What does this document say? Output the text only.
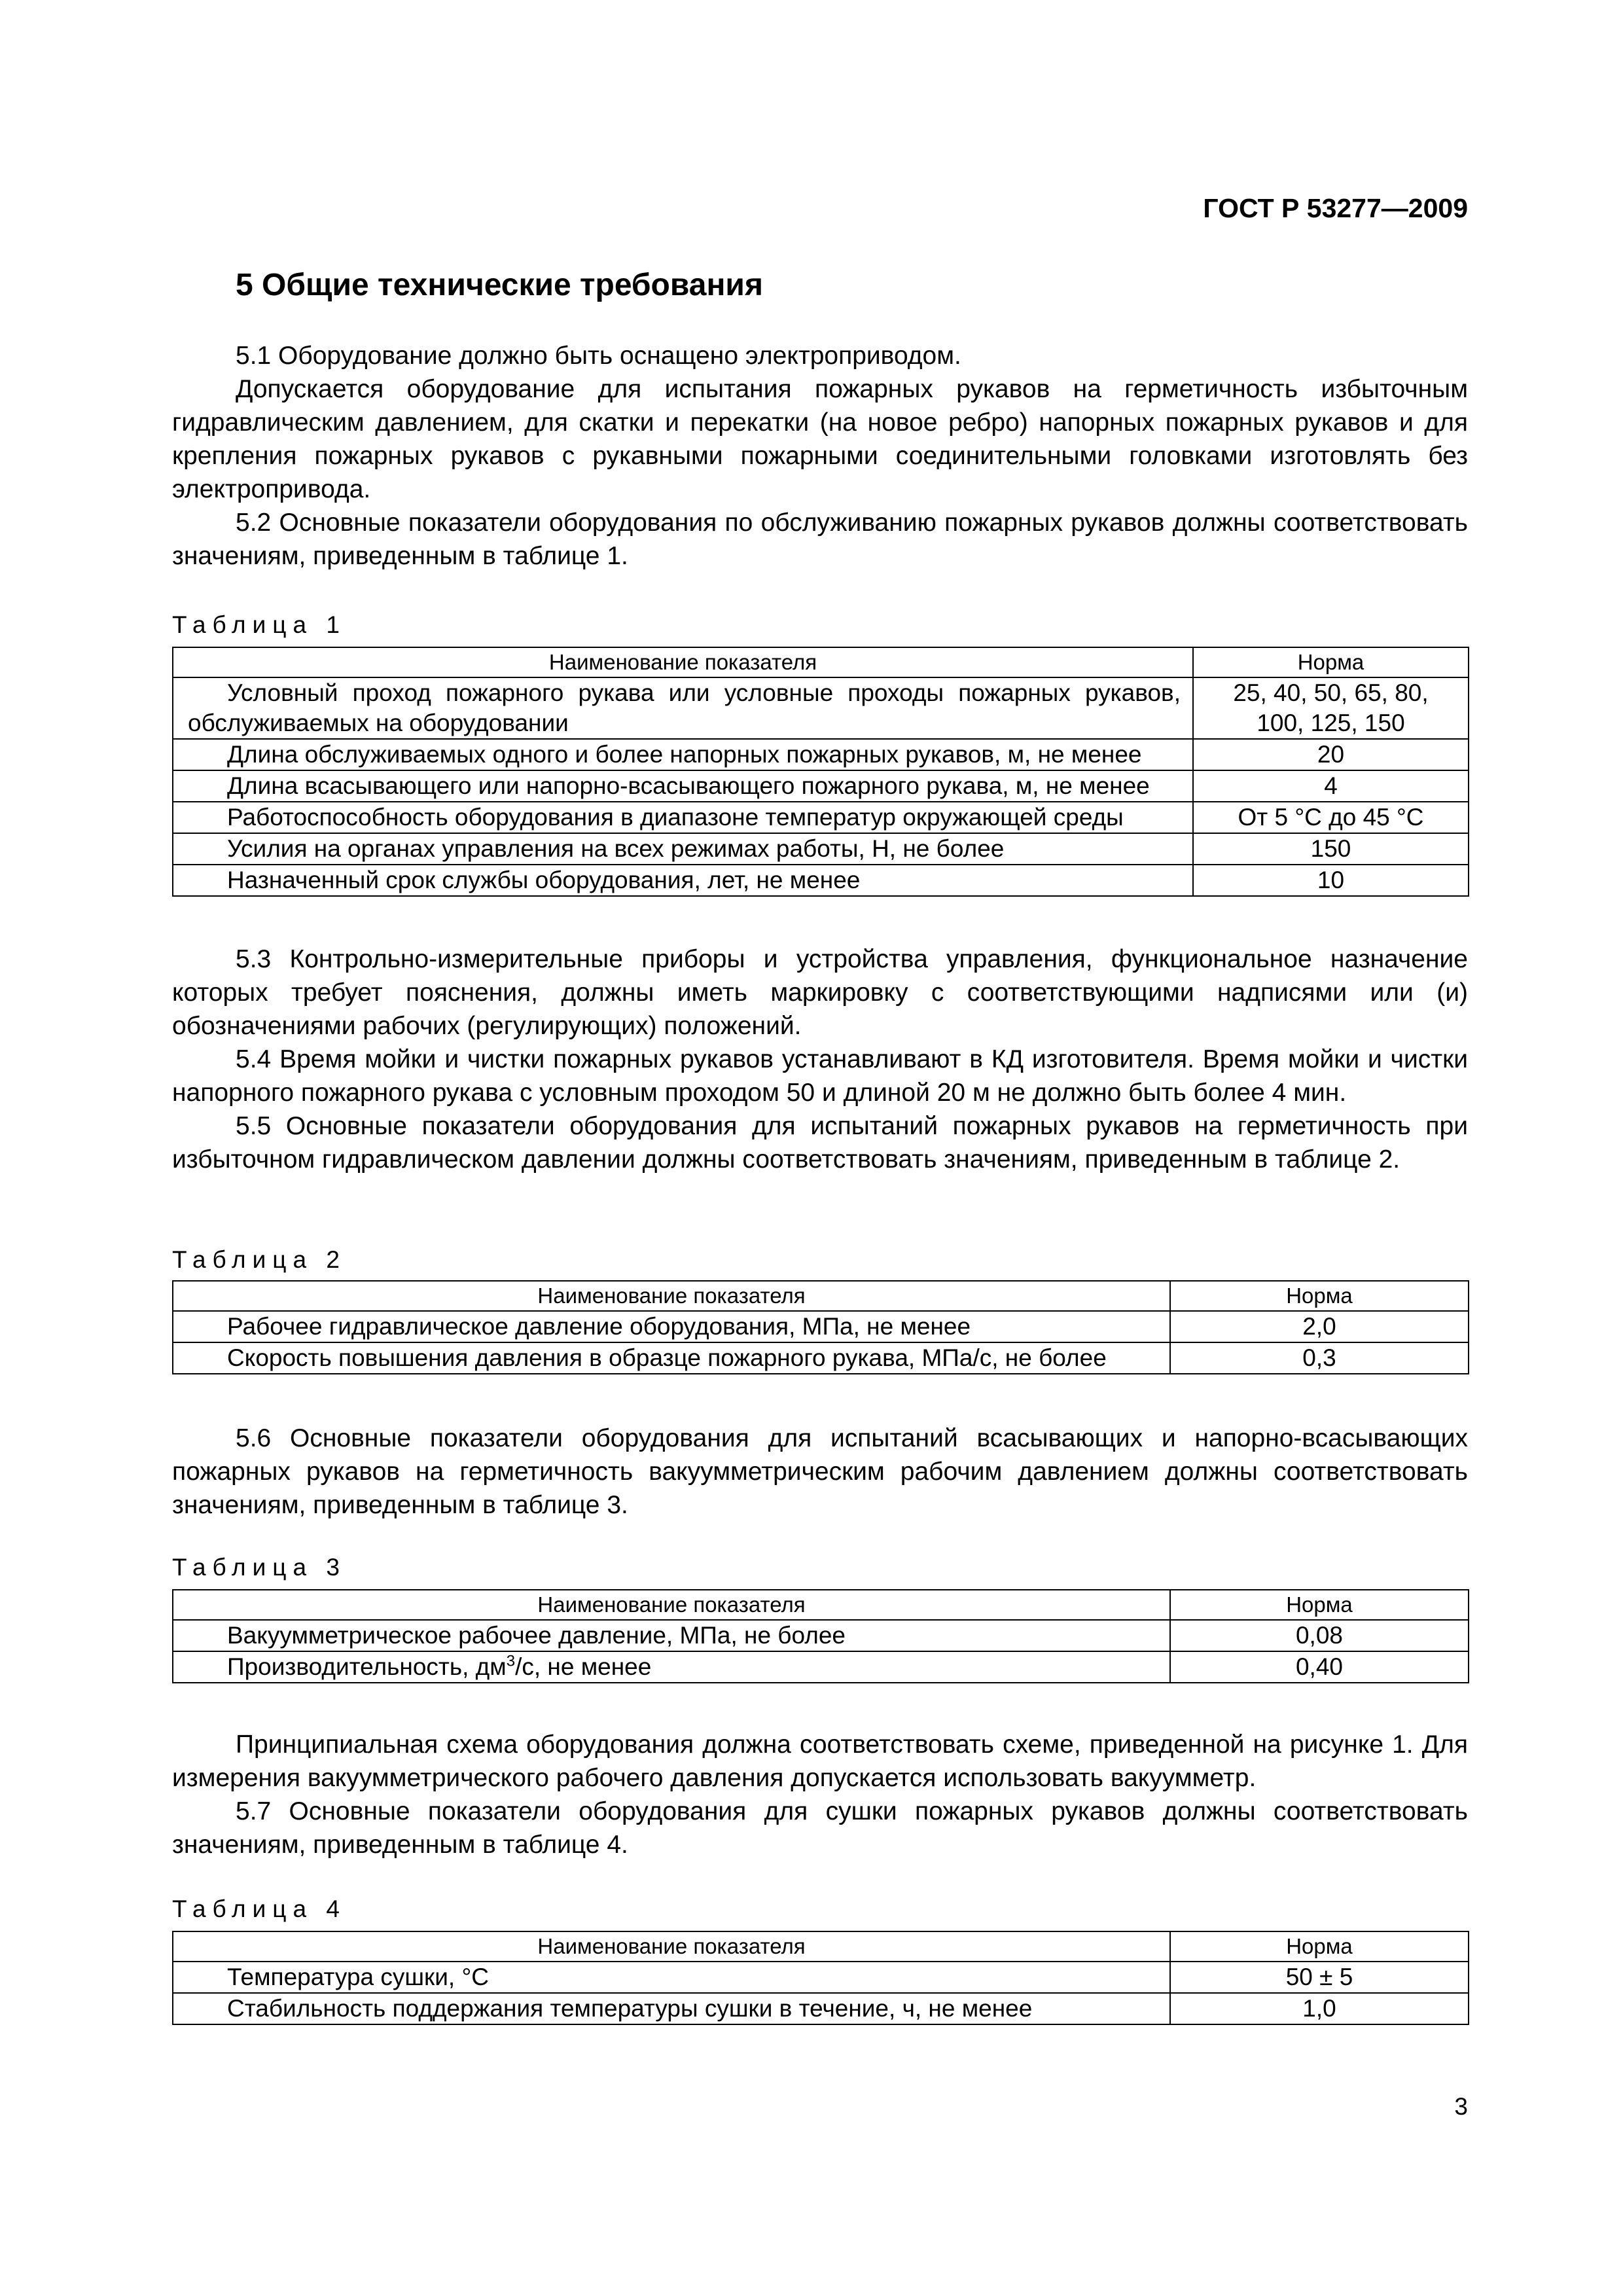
ГОСТ Р 53277—2009
5 Общие технические требования

5.1 Оборудование должно быть оснащено электроприводом.

Допускается оборудование для испытания пожарных рукавов на герметичность избыточным гидравлическим давлением, для скатки и перекатки (на новое ребро) напорных пожарных рукавов и для крепления пожарных рукавов с рукавными пожарными соединительными головками изготовлять без электропривода.

5.2 Основные показатели оборудования по обслуживанию пожарных рукавов должны соответствовать значениям, приведенным в таблице 1.

Таблица 1
Наименование показателя	Норма
Условный проход пожарного рукава или условные проходы пожарных рукавов, обслуживаемых на оборудовании	25, 40, 50, 65, 80,
100, 125, 150

Длина обслуживаемых одного и более напорных пожарных рукавов, м, не менее	20
Длина всасывающего или напорно-всасывающего пожарного рукава, м, не менее	4
Работоспособность оборудования в диапазоне температур окружающей среды	От 5 °С до 45 °С
Усилия на органах управления на всех режимах работы, Н, не более	150
Назначенный срок службы оборудования, лет, не менее	10

5.3 Контрольно-измерительные приборы и устройства управления, функциональное назначение которых требует пояснения, должны иметь маркировку с соответствующими надписями или (и) обозначениями рабочих (регулирующих) положений.

5.4 Время мойки и чистки пожарных рукавов устанавливают в КД изготовителя. Время мойки и чистки напорного пожарного рукава с условным проходом 50 и длиной 20 м не должно быть более 4 мин.

5.5 Основные показатели оборудования для испытаний пожарных рукавов на герметичность при избыточном гидравлическом давлении должны соответствовать значениям, приведенным в таблице 2.

Таблица 2
Наименование показателя	Норма
Рабочее гидравлическое давление оборудования, МПа, не менее	2,0
Скорость повышения давления в образце пожарного рукава, МПа/с, не более	0,3

5.6 Основные показатели оборудования для испытаний всасывающих и напорно-всасывающих пожарных рукавов на герметичность вакуумметрическим рабочим давлением должны соответствовать значениям, приведенным в таблице 3.

Таблица 3
Наименование показателя	Норма
Вакуумметрическое рабочее давление, МПа, не более	0,08
Производительность, $дм^3/с$, не менее	0,40

Принципиальная схема оборудования должна соответствовать схеме, приведенной на рисунке 1. Для измерения вакуумметрического рабочего давления допускается использовать вакуумметр.

5.7 Основные показатели оборудования для сушки пожарных рукавов должны соответствовать значениям, приведенным в таблице 4.

Таблица 4
Наименование показателя	Норма
Температура сушки, °С	50 ± 5
Стабильность поддержания температуры сушки в течение, ч, не менее	1,0
3
